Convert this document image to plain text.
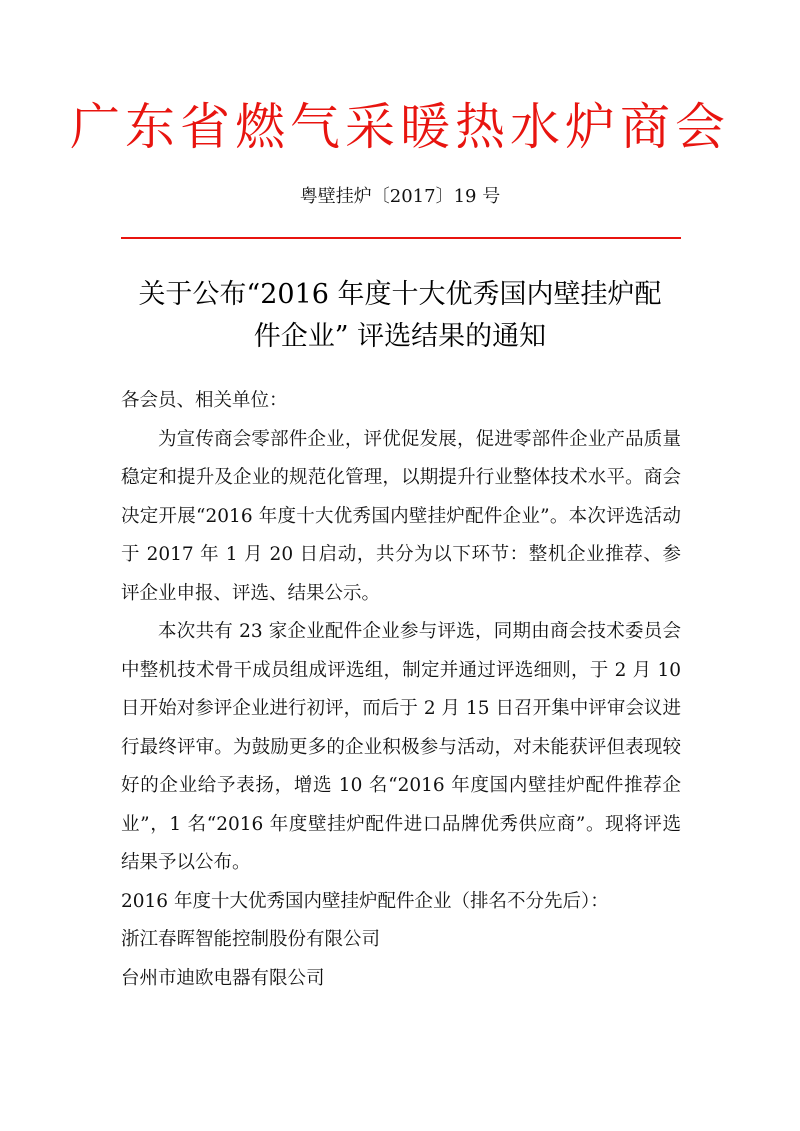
广东省燃气采暖热水炉商会
粤壁挂炉〔2017〕19 号
关于公布“2016 年度十大优秀国内壁挂炉配
件企业” 评选结果的通知
各会员、相关单位：

为宣传商会零部件企业，评优促发展，促进零部件企业产品质量稳定和提升及企业的规范化管理，以期提升行业整体技术水平。商会决定开展“2016 年度十大优秀国内壁挂炉配件企业”。本次评选活动于 2017 年 1 月 20 日启动，共分为以下环节：整机企业推荐、参评企业申报、评选、结果公示。

本次共有 23 家企业配件企业参与评选，同期由商会技术委员会中整机技术骨干成员组成评选组，制定并通过评选细则，于 2 月 10 日开始对参评企业进行初评，而后于 2 月 15 日召开集中评审会议进行最终评审。为鼓励更多的企业积极参与活动，对未能获评但表现较好的企业给予表扬，增选 10 名“2016 年度国内壁挂炉配件推荐企业”，1 名“2016 年度壁挂炉配件进口品牌优秀供应商”。现将评选结果予以公布。

2016 年度十大优秀国内壁挂炉配件企业（排名不分先后）：
浙江春晖智能控制股份有限公司
台州市迪欧电器有限公司
